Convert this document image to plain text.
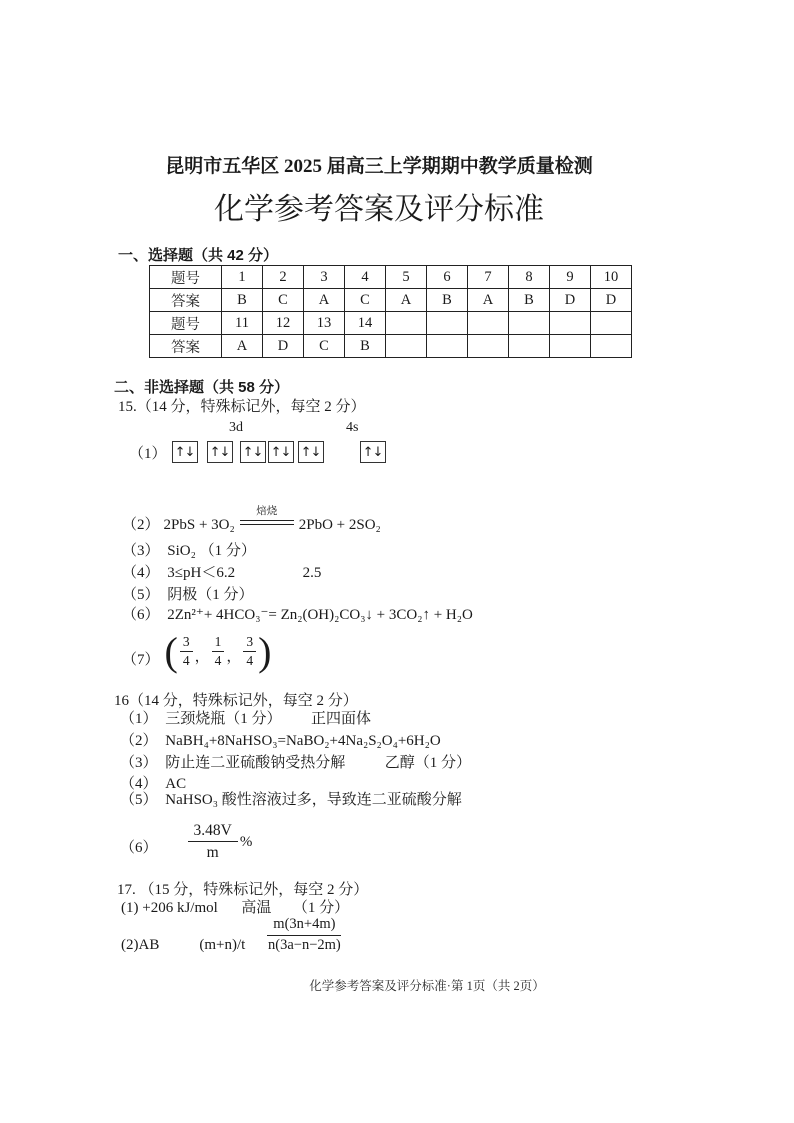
昆明市五华区 2025 届高三上学期期中教学质量检测
化学参考答案及评分标准
一、选择题（共 42 分）
题号	1	2	3	4	5	6	7	8	9	10
答案	B	C	A	C	A	B	A	B	D	D
题号	11	12	13	14						
答案	A	D	C	B						
二、非选择题（共 58 分）
15.（14 分，特殊标记外，每空 2 分）
3d	4s
（1） ↑↓ ↑↓ ↑↓ ↑↓ ↑↓	↑↓
（2） 2PbS + 3O₂
焙烧
2PbO + 2SO₂
（3） SiO₂ （1 分）
（4） 3≤pH＜6.2	2.5
（5） 阴极（1 分）
（6） 2Zn²⁺+ 4HCO₃⁻= Zn₂(OH)₂CO₃↓ + 3CO₂↑ + H₂O
（7） ( $\frac{3}{4}$ ， $\frac{1}{4}$ ， $\frac{3}{4}$ )
16（14 分，特殊标记外，每空 2 分）
（1） 三颈烧瓶（1 分） 正四面体
（2） NaBH₄+8NaHSO₃=NaBO₂+4Na₂S₂O₄+6H₂O
（3） 防止连二亚硫酸钠受热分解	乙醇（1 分）
（4） AC
（5） NaHSO₃ 酸性溶液过多，导致连二亚硫酸分解
$(6) \frac{3.48V}{m}$ %
17. （15 分，特殊标记外，每空 2 分）
(1) +206 kJ/mol 高温 （1 分）
(2) AB	$(m+n)/t \frac{m(3n+4m)}{n(3a-n-2m)}$
化学参考答案及评分标准·第 1页（共 2页）
